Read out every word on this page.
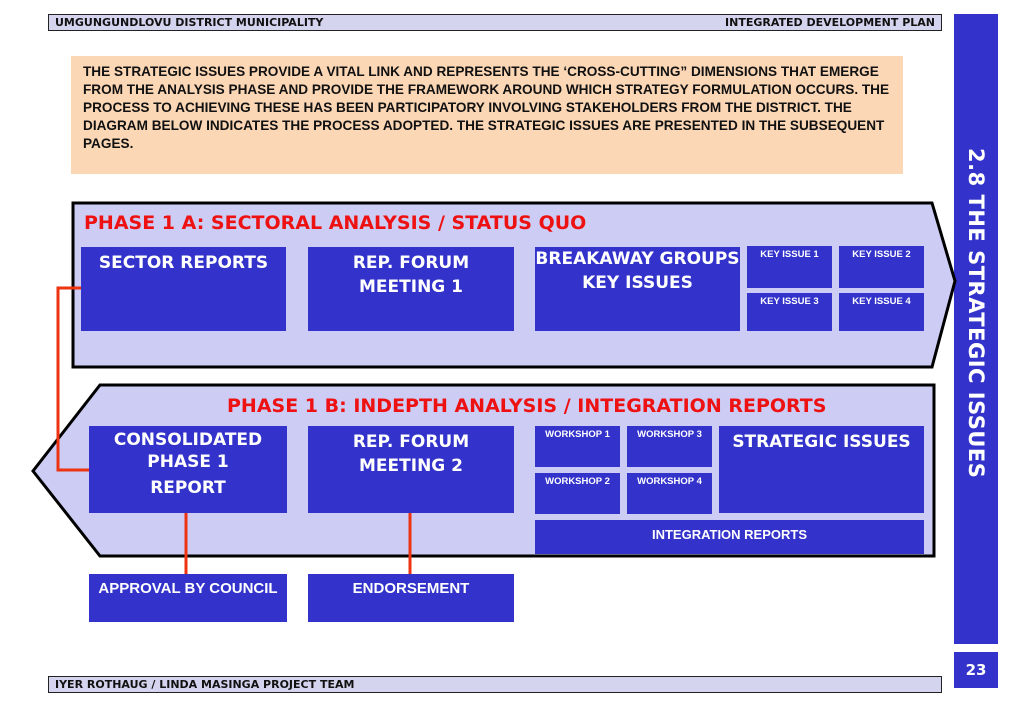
UMGUNGUNDLOVU DISTRICT MUNICIPALITY	INTEGRATED DEVELOPMENT PLAN
IYER ROTHAUG / LINDA MASINGA PROJECT TEAM
2.8 THE STRATEGIC ISSUES
23
THE STRATEGIC ISSUES PROVIDE A VITAL LINK AND REPRESENTS THE ‘CROSS-CUTTING” DIMENSIONS THAT EMERGE FROM THE ANALYSIS PHASE AND PROVIDE THE FRAMEWORK AROUND WHICH STRATEGY FORMULATION OCCURS. THE PROCESS TO ACHIEVING THESE HAS BEEN PARTICIPATORY INVOLVING STAKEHOLDERS FROM THE DISTRICT. THE DIAGRAM BELOW INDICATES THE PROCESS ADOPTED. THE STRATEGIC ISSUES ARE PRESENTED IN THE SUBSEQUENT PAGES.
PHASE 1 A: SECTORAL ANALYSIS / STATUS QUO
SECTOR REPORTS	REP. FORUM MEETING 1
BREAKAWAY GROUPS
KEY ISSUES
KEY ISSUE 1	KEY ISSUE 2
KEY ISSUE 3	KEY ISSUE 4
PHASE 1 B: INDEPTH ANALYSIS / INTEGRATION REPORTS
CONSOLIDATED PHASE 1
REPORT
REP. FORUM MEETING 2
WORKSHOP 1	WORKSHOP 3
WORKSHOP 2	WORKSHOP 4
STRATEGIC ISSUES
INTEGRATION REPORTS
APPROVAL BY COUNCIL	ENDORSEMENT
